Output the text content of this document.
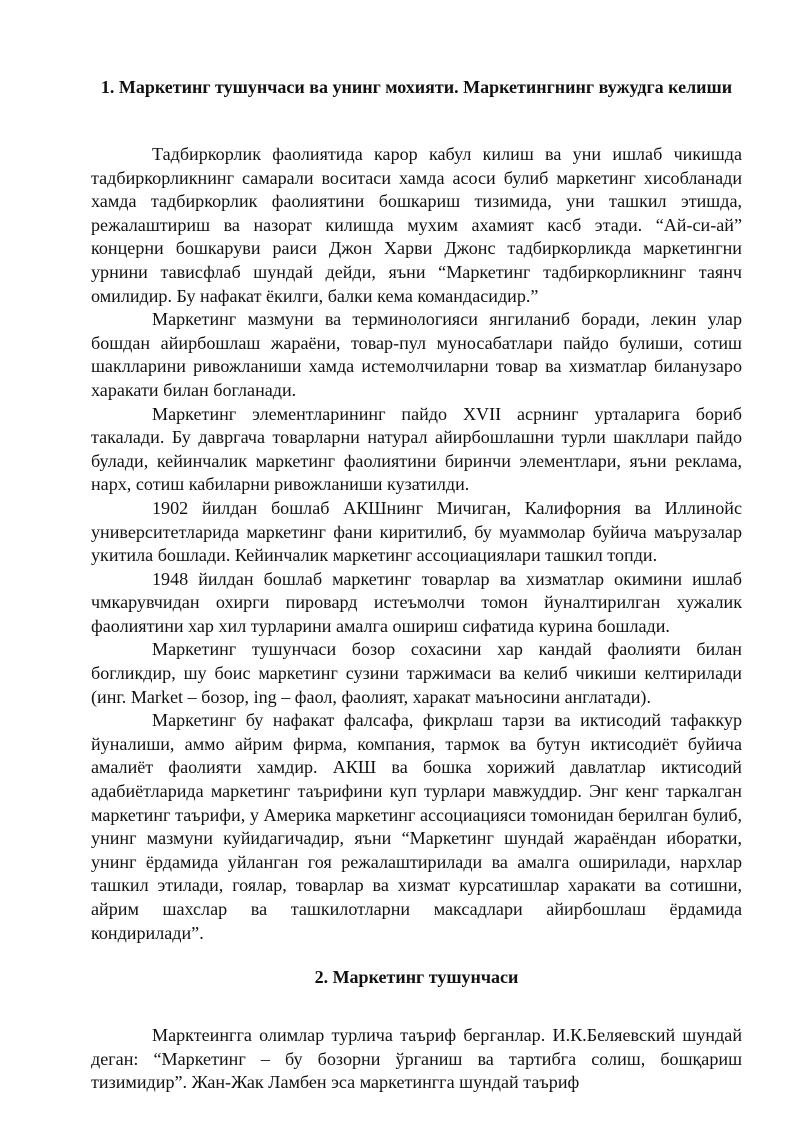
1. Маркетинг тушунчаси ва унинг мохияти. Маркетингнинг вужудга келиши

Тадбиркорлик фаолиятида карор кабул килиш ва уни ишлаб чикишда тадбиркорликнинг самарали воситаси хамда асоси булиб маркетинг хисобланади хамда тадбиркорлик фаолиятини бошкариш тизимида, уни ташкил этишда, режалаштириш ва назорат килишда мухим ахамият касб этади. “Ай-си-ай” концерни бошкаруви раиси Джон Харви Джонс тадбиркорликда маркетингни урнини тависфлаб шундай дейди, яъни “Маркетинг тадбиркорликнинг таянч омилидир. Бу нафакат ёкилги, балки кема командасидир.”

Маркетинг мазмуни ва терминологияси янгиланиб боради, лекин улар бошдан айирбошлаш жараёни, товар-пул муносабатлари пайдо булиши, сотиш шаклларини ривожланиши хамда истемолчиларни товар ва хизматлар биланузаро харакати билан богланади.

Маркетинг элементларининг пайдо XVII асрнинг урталарига бориб такалади. Бу давргача товарларни натурал айирбошлашни турли шакллари пайдо булади, кейинчалик маркетинг фаолиятини биринчи элементлари, яъни реклама, нарх, сотиш кабиларни ривожланиши кузатилди.

1902 йилдан бошлаб АКШнинг Мичиган, Калифорния ва Иллинойс университетларида маркетинг фани киритилиб, бу муаммолар буйича маърузалар укитила бошлади. Кейинчалик маркетинг ассоциациялари ташкил топди.

1948 йилдан бошлаб маркетинг товарлар ва хизматлар окимини ишлаб чмкарувчидан охирги пировард истеъмолчи томон йуналтирилган хужалик фаолиятини хар хил турларини амалга ошириш сифатида курина бошлади.

Маркетинг тушунчаси бозор сохасини хар кандай фаолияти билан богликдир, шу боис маркетинг сузини таржимаси ва келиб чикиши келтирилади (инг. Market – бозор, ing – фаол, фаолият, харакат маъносини англатади).

Маркетинг бу нафакат фалсафа, фикрлаш тарзи ва иктисодий тафаккур йуналиши, аммо айрим фирма, компания, тармок ва бутун иктисодиёт буйича амалиёт фаолияти хамдир. АКШ ва бошка хорижий давлатлар иктисодий адабиётларида маркетинг таърифини куп турлари мавжуддир. Энг кенг таркалган маркетинг таърифи, у Америка маркетинг ассоциацияси томонидан берилган булиб, унинг мазмуни куйидагичадир, яъни “Маркетинг шундай жараёндан иборатки, унинг ёрдамида уйланган гоя режалаштирилади ва амалга оширилади, нархлар ташкил этилади, гоялар, товарлар ва хизмат курсатишлар харакати ва сотишни, айрим шахслар ва ташкилотларни максадлари айирбошлаш ёрдамида кондирилади”.

2. Маркетинг тушунчаси

Марктеингга олимлар турлича таъриф берганлар. И.К.Беляевский шундай деган: “Маркетинг – бу бозорни ўрганиш ва тартибга солиш, бошқариш тизимидир”. Жан-Жак Ламбен эса маркетингга шундай таъриф
